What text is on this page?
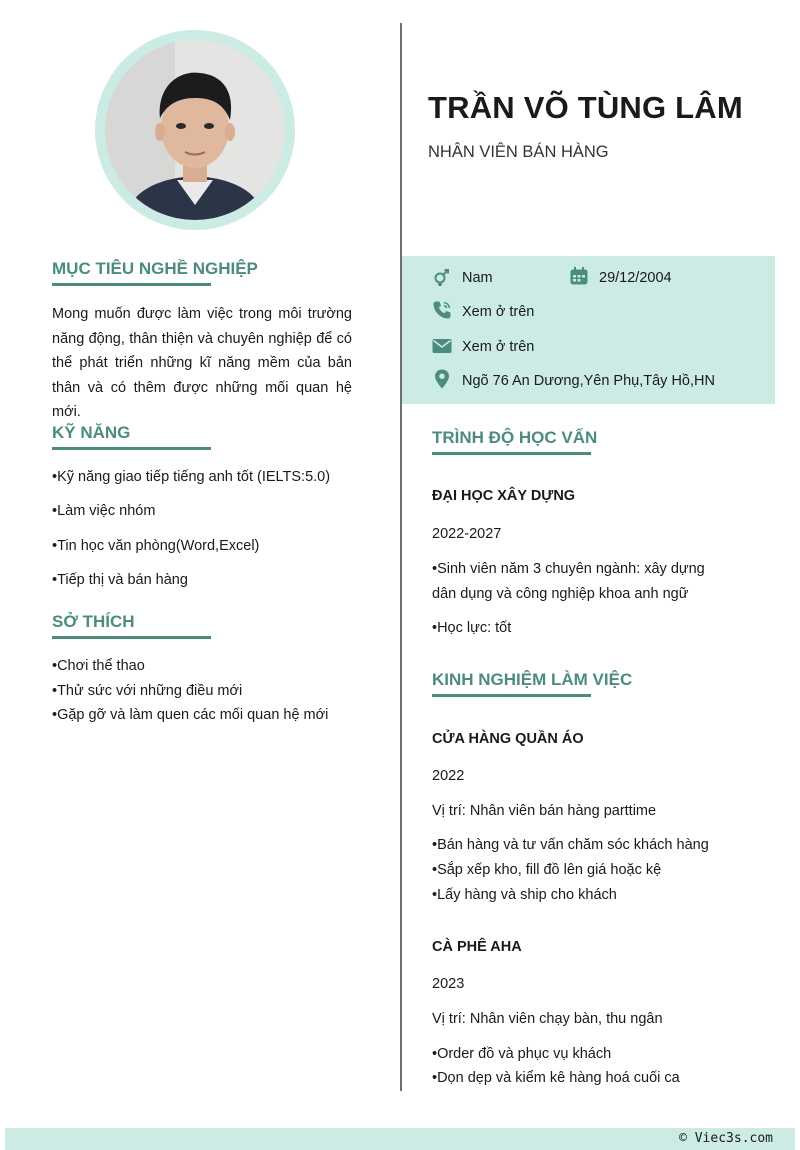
MỤC TIÊU NGHỀ NGHIỆP

Mong muốn được làm việc trong môi trường năng động, thân thiện và chuyên nghiệp để có thể phát triển những kĩ năng mềm của bản thân và có thêm được những mối quan hệ mới.

KỸ NĂNG
•Kỹ năng giao tiếp tiếng anh tốt (IELTS:5.0)
•Làm việc nhóm
•Tin học văn phòng(Word,Excel)
•Tiếp thị và bán hàng
SỞ THÍCH
•Chơi thể thao
•Thử sức với những điều mới
•Gặp gỡ và làm quen các mối quan hệ mới
TRẦN VÕ TÙNG LÂM
NHÂN VIÊN BÁN HÀNG
Nam	29/12/2004
Xem ở trên
Xem ở trên
Ngõ 76 An Dương,Yên Phụ,Tây Hồ,HN
TRÌNH ĐỘ HỌC VẤN
ĐẠI HỌC XÂY DỰNG
2022-2027

•Sinh viên năm 3 chuyên ngành: xây dựng dân dụng và công nghiệp khoa anh ngữ

•Học lực: tốt
KINH NGHIỆM LÀM VIỆC
CỬA HÀNG QUẦN ÁO
2022
Vị trí: Nhân viên bán hàng parttime
•Bán hàng và tư vấn chăm sóc khách hàng
•Sắp xếp kho, fill đồ lên giá hoặc kệ
•Lấy hàng và ship cho khách
CÀ PHÊ AHA
2023
Vị trí: Nhân viên chạy bàn, thu ngân
•Order đồ và phục vụ khách
•Dọn dẹp và kiểm kê hàng hoá cuối ca
© Viec3s.com
